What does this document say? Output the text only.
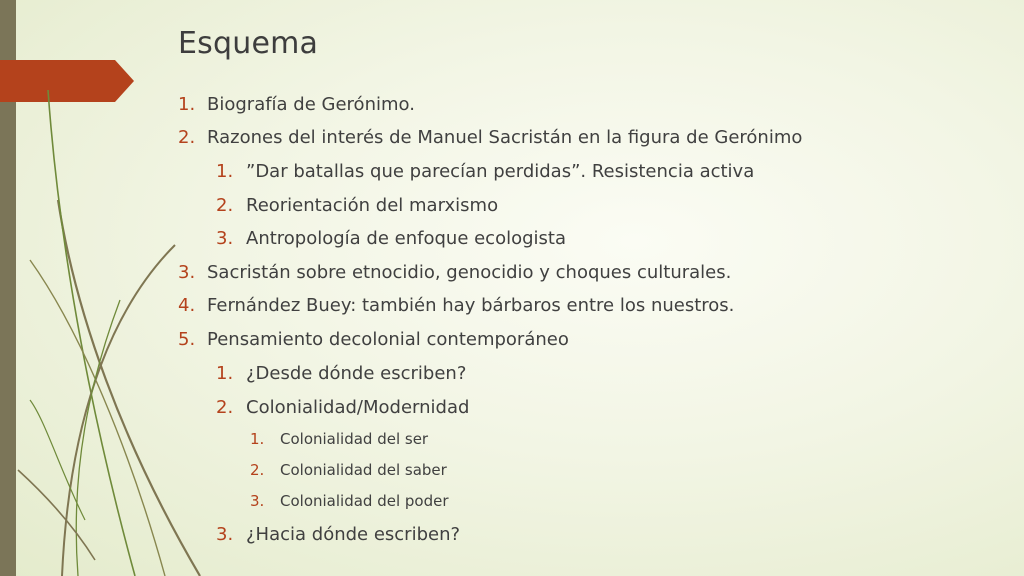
Esquema
1. Biografía de Gerónimo.
2. Razones del interés de Manuel Sacristán en la figura de Gerónimo
1. ”Dar batallas que parecían perdidas”. Resistencia activa
2. Reorientación del marxismo
3. Antropología de enfoque ecologista
3. Sacristán sobre etnocidio, genocidio y choques culturales.
4. Fernández Buey: también hay bárbaros entre los nuestros.
5. Pensamiento decolonial contemporáneo
1. ¿Desde dónde escriben?
2. Colonialidad/Modernidad
1. Colonialidad del ser
2. Colonialidad del saber
3. Colonialidad del poder
3. ¿Hacia dónde escriben?
